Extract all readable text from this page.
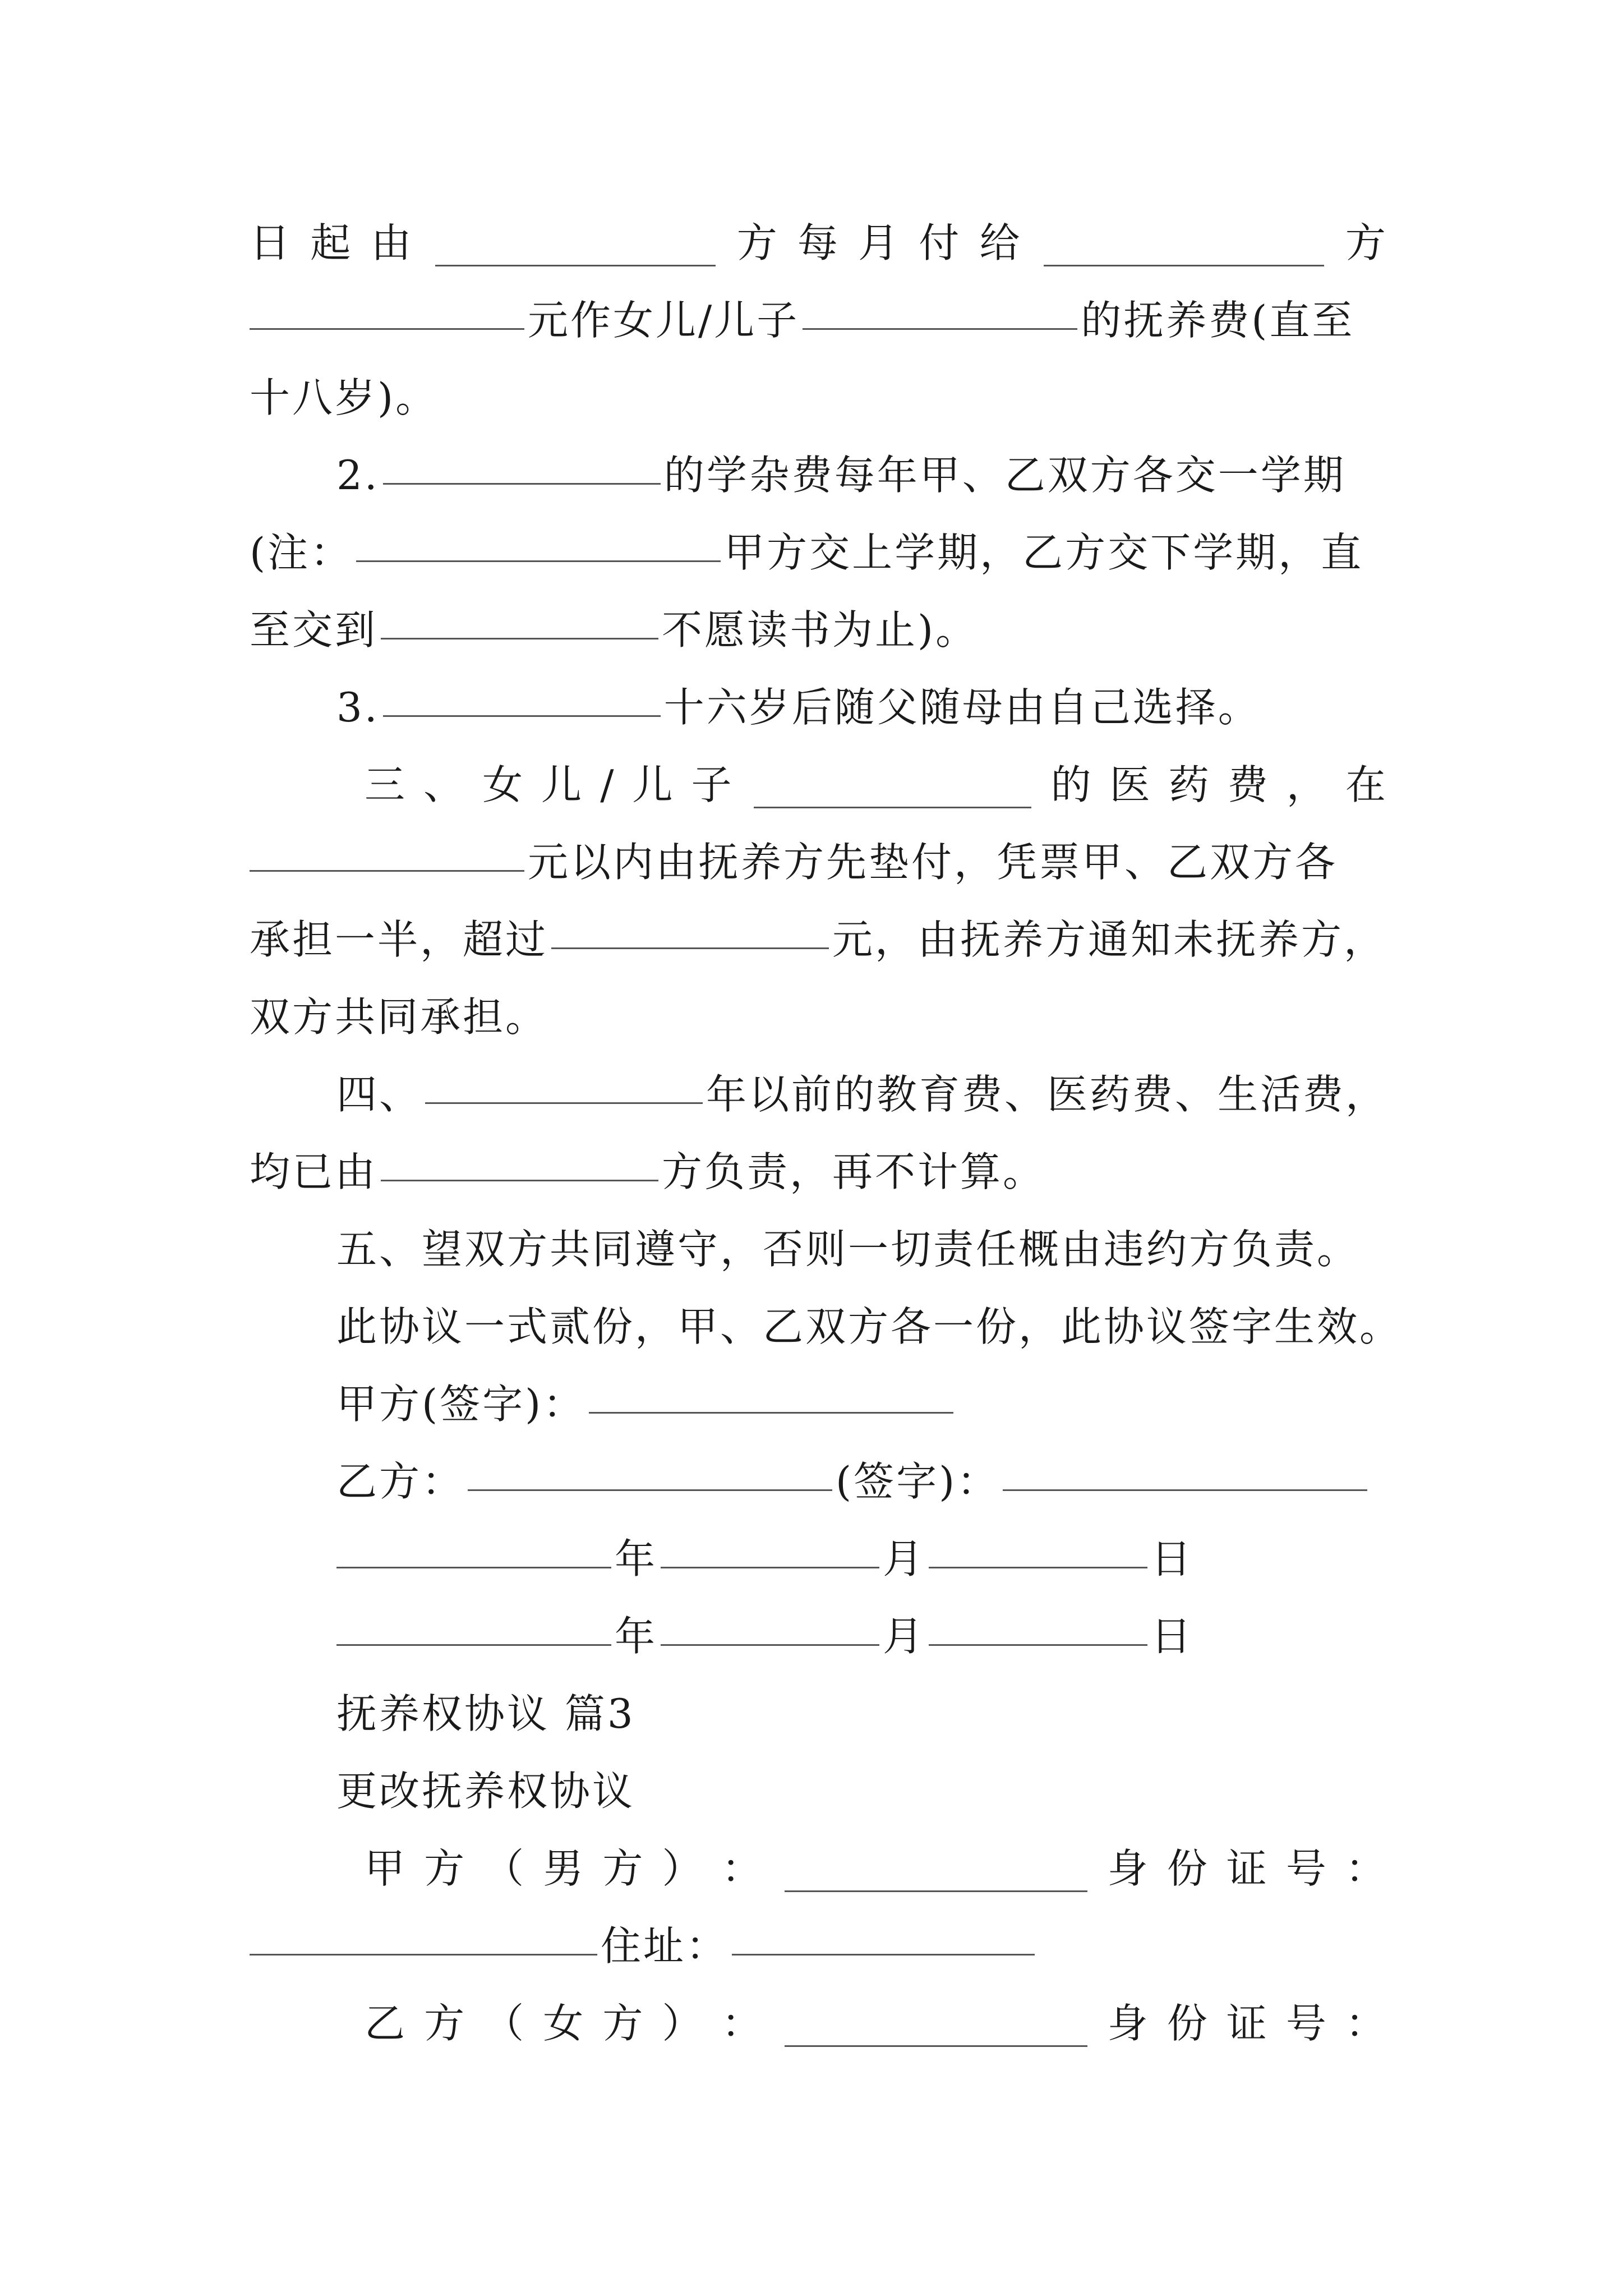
日 起 由	方 每 月 付 给	方
元作女儿/儿子	的抚养费(直至
十八岁)。
2.	的学杂费每年甲、乙双方各交一学期
(注：	甲方交上学期，乙方交下学期，直
至交到	不愿读书为止)。
3.	十六岁后随父随母由自己选择。
三 、 女 儿 / 儿 子	的 医 药 费 ， 在
元以内由抚养方先垫付，凭票甲、乙双方各
承担一半，超过	元，由抚养方通知未抚养方，
双方共同承担。
四、	年以前的教育费、医药费、生活费，
均已由	方负责，再不计算。
五、望双方共同遵守，否则一切责任概由违约方负责。
此协议一式贰份，甲、乙双方各一份，此协议签字生效。
甲方(签字)：
乙方：	(签字)：
年	月	日
年	月	日
抚养权协议 篇3
更改抚养权协议
甲 方 （ 男 方 ） ：	身 份 证 号 ：
住址：
乙 方 （ 女 方 ） ：	身 份 证 号 ：
